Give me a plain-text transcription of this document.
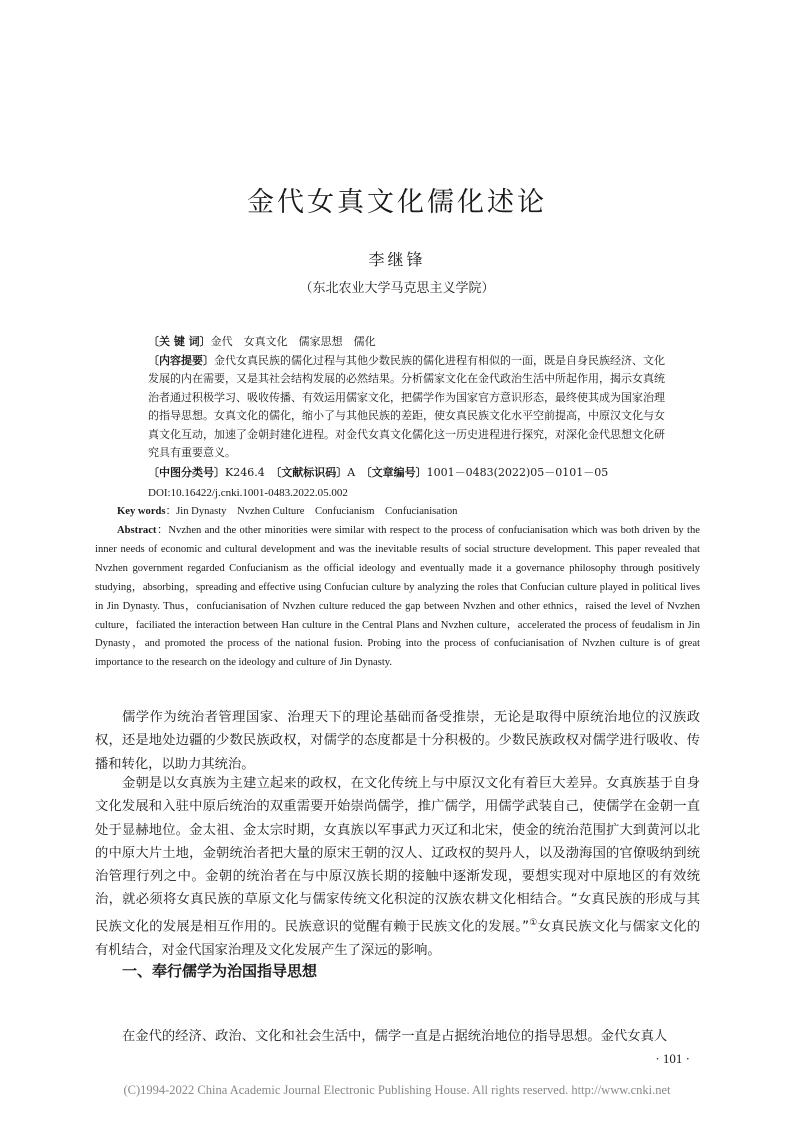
金代女真文化儒化述论
李继锋
（东北农业大学马克思主义学院）
〔关 键 词〕金代　女真文化　儒家思想　儒化
〔内容提要〕金代女真民族的儒化过程与其他少数民族的儒化进程有相似的一面，既是自身民族经济、文化发展的内在需要，又是其社会结构发展的必然结果。分析儒家文化在金代政治生活中所起作用，揭示女真统治者通过积极学习、吸收传播、有效运用儒家文化，把儒学作为国家官方意识形态，最终使其成为国家治理的指导思想。女真文化的儒化，缩小了与其他民族的差距，使女真民族文化水平空前提高，中原汉文化与女真文化互动，加速了金朝封建化进程。对金代女真文化儒化这一历史进程进行探究，对深化金代思想文化研究具有重要意义。
〔中图分类号〕K246.4　 〔文献标识码〕A　 〔文章编号〕1001－0483(2022)05－0101－05
DOI:10.16422/j.cnki.1001-0483.2022.05.002
Key words：Jin Dynasty　Nvzhen Culture　Confucianism　Confucianisation
Abstract：Nvzhen and the other minorities were similar with respect to the process of confucianisation which was both driven by the inner needs of economic and cultural development and was the inevitable results of social structure development. This paper revealed that Nvzhen government regarded Confucianism as the official ideology and eventually made it a governance philosophy through positively studying，absorbing，spreading and effective using Confucian culture by analyzing the roles that Confucian culture played in political lives in Jin Dynasty. Thus，confucianisation of Nvzhen culture reduced the gap between Nvzhen and other ethnics，raised the level of Nvzhen culture，faciliated the interaction between Han culture in the Central Plans and Nvzhen culture，accelerated the process of feudalism in Jin Dynasty，and promoted the process of the national fusion. Probing into the process of confucianisation of Nvzhen culture is of great importance to the research on the ideology and culture of Jin Dynasty.
儒学作为统治者管理国家、治理天下的理论基础而备受推崇，无论是取得中原统治地位的汉族政权，还是地处边疆的少数民族政权，对儒学的态度都是十分积极的。少数民族政权对儒学进行吸收、传播和转化，以助力其统治。
金朝是以女真族为主建立起来的政权，在文化传统上与中原汉文化有着巨大差异。女真族基于自身文化发展和入驻中原后统治的双重需要开始崇尚儒学，推广儒学，用儒学武装自己，使儒学在金朝一直处于显赫地位。金太祖、金太宗时期，女真族以军事武力灭辽和北宋，使金的统治范围扩大到黄河以北的中原大片土地，金朝统治者把大量的原宋王朝的汉人、辽政权的契丹人，以及渤海国的官僚吸纳到统治管理行列之中。金朝的统治者在与中原汉族长期的接触中逐渐发现，要想实现对中原地区的有效统治，就必须将女真民族的草原文化与儒家传统文化积淀的汉族农耕文化相结合。“女真民族的形成与其民族文化的发展是相互作用的。民族意识的觉醒有赖于民族文化的发展。”①女真民族文化与儒家文化的有机结合，对金代国家治理及文化发展产生了深远的影响。
一、奉行儒学为治国指导思想
在金代的经济、政治、文化和社会生活中，儒学一直是占据统治地位的指导思想。金代女真人
· 101 ·
(C)1994-2022 China Academic Journal Electronic Publishing House. All rights reserved. http://www.cnki.net
